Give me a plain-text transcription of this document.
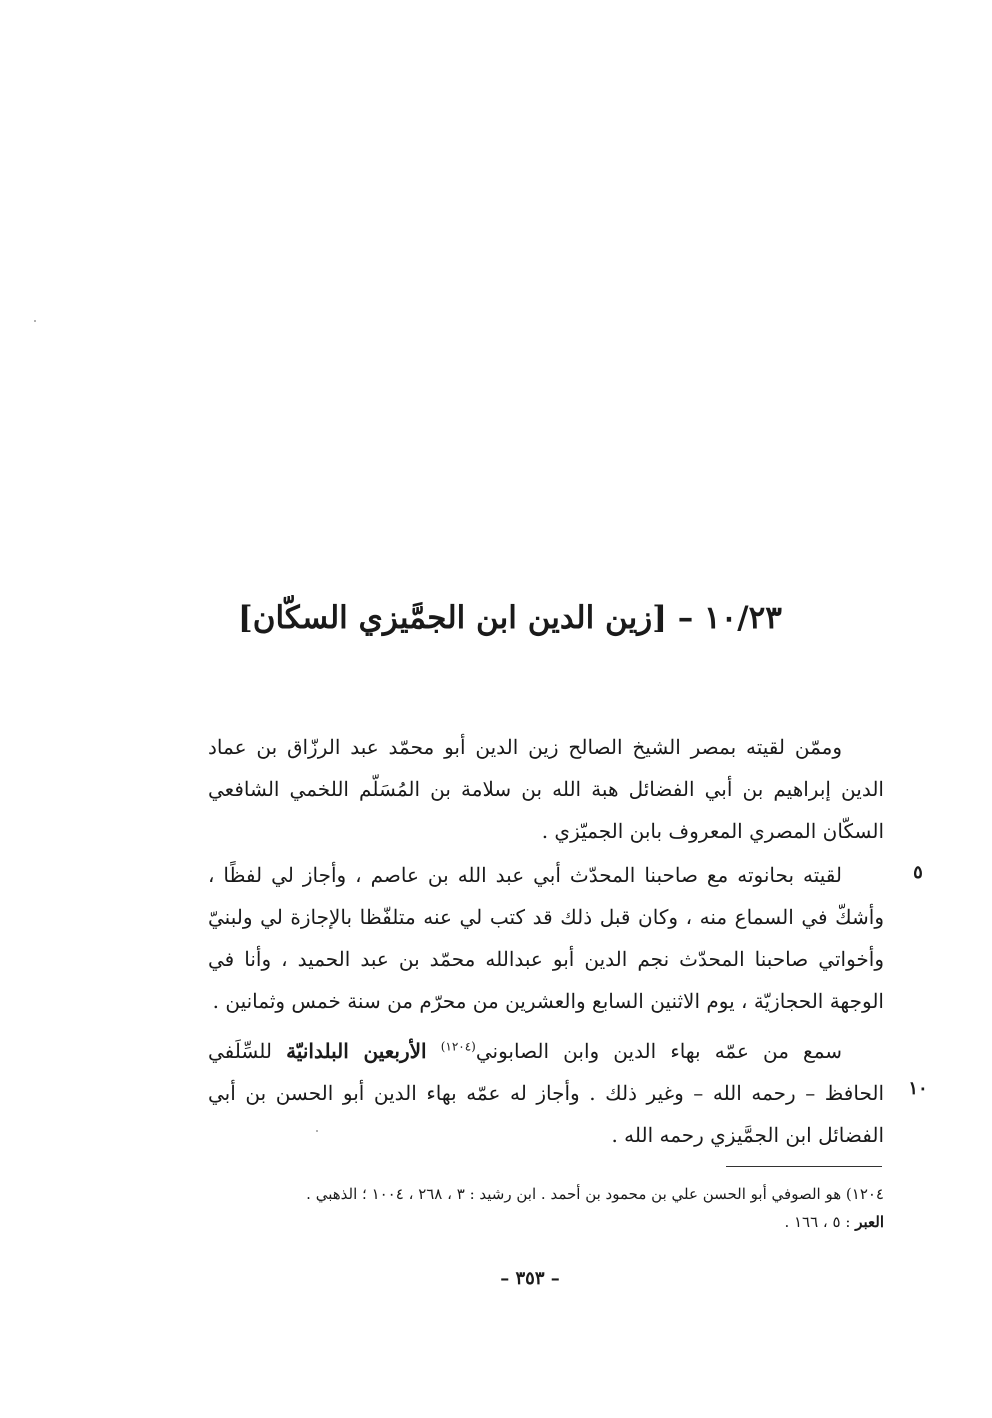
١٠/٢٣ – [زين الدين ابن الجمَّيزي السكّان]
وممّن لقيته بمصر الشيخ الصالح زين الدين أبو محمّد عبد الرزّاق بن عماد
الدين إبراهيم بن أبي الفضائل هبة الله بن سلامة بن المُسَلّم اللخمي الشافعي
السكّان المصري المعروف بابن الجميّزي .
٥
لقيته بحانوته مع صاحبنا المحدّث أبي عبد الله بن عاصم ، وأجاز لي لفظًا ،
وأشكّ في السماع منه ، وكان قبل ذلك قد كتب لي عنه متلفّظا بالإجازة لي ولبنيّ
وأخواتي صاحبنا المحدّث نجم الدين أبو عبدالله محمّد بن عبد الحميد ، وأنا في
الوجهة الحجازيّة ، يوم الاثنين السابع والعشرين من محرّم من سنة خمس وثمانين .
١٠
سمع من عمّه بهاء الدين وابن الصابوني$^{(١٢٠٤)}$ الأربعين البلدانيّة للسِّلَفي
الحافظ – رحمه الله – وغير ذلك . وأجاز له عمّه بهاء الدين أبو الحسن بن أبي
الفضائل ابن الجمَّيزي رحمه الله .
١٢٠٤) هو الصوفي أبو الحسن علي بن محمود بن أحمد . ابن رشيد : ٣ ، ٢٦٨ ، ١٠٠٤ ؛ الذهبي .
العبر : ٥ ، ١٦٦ .
– ٣٥٣ –
